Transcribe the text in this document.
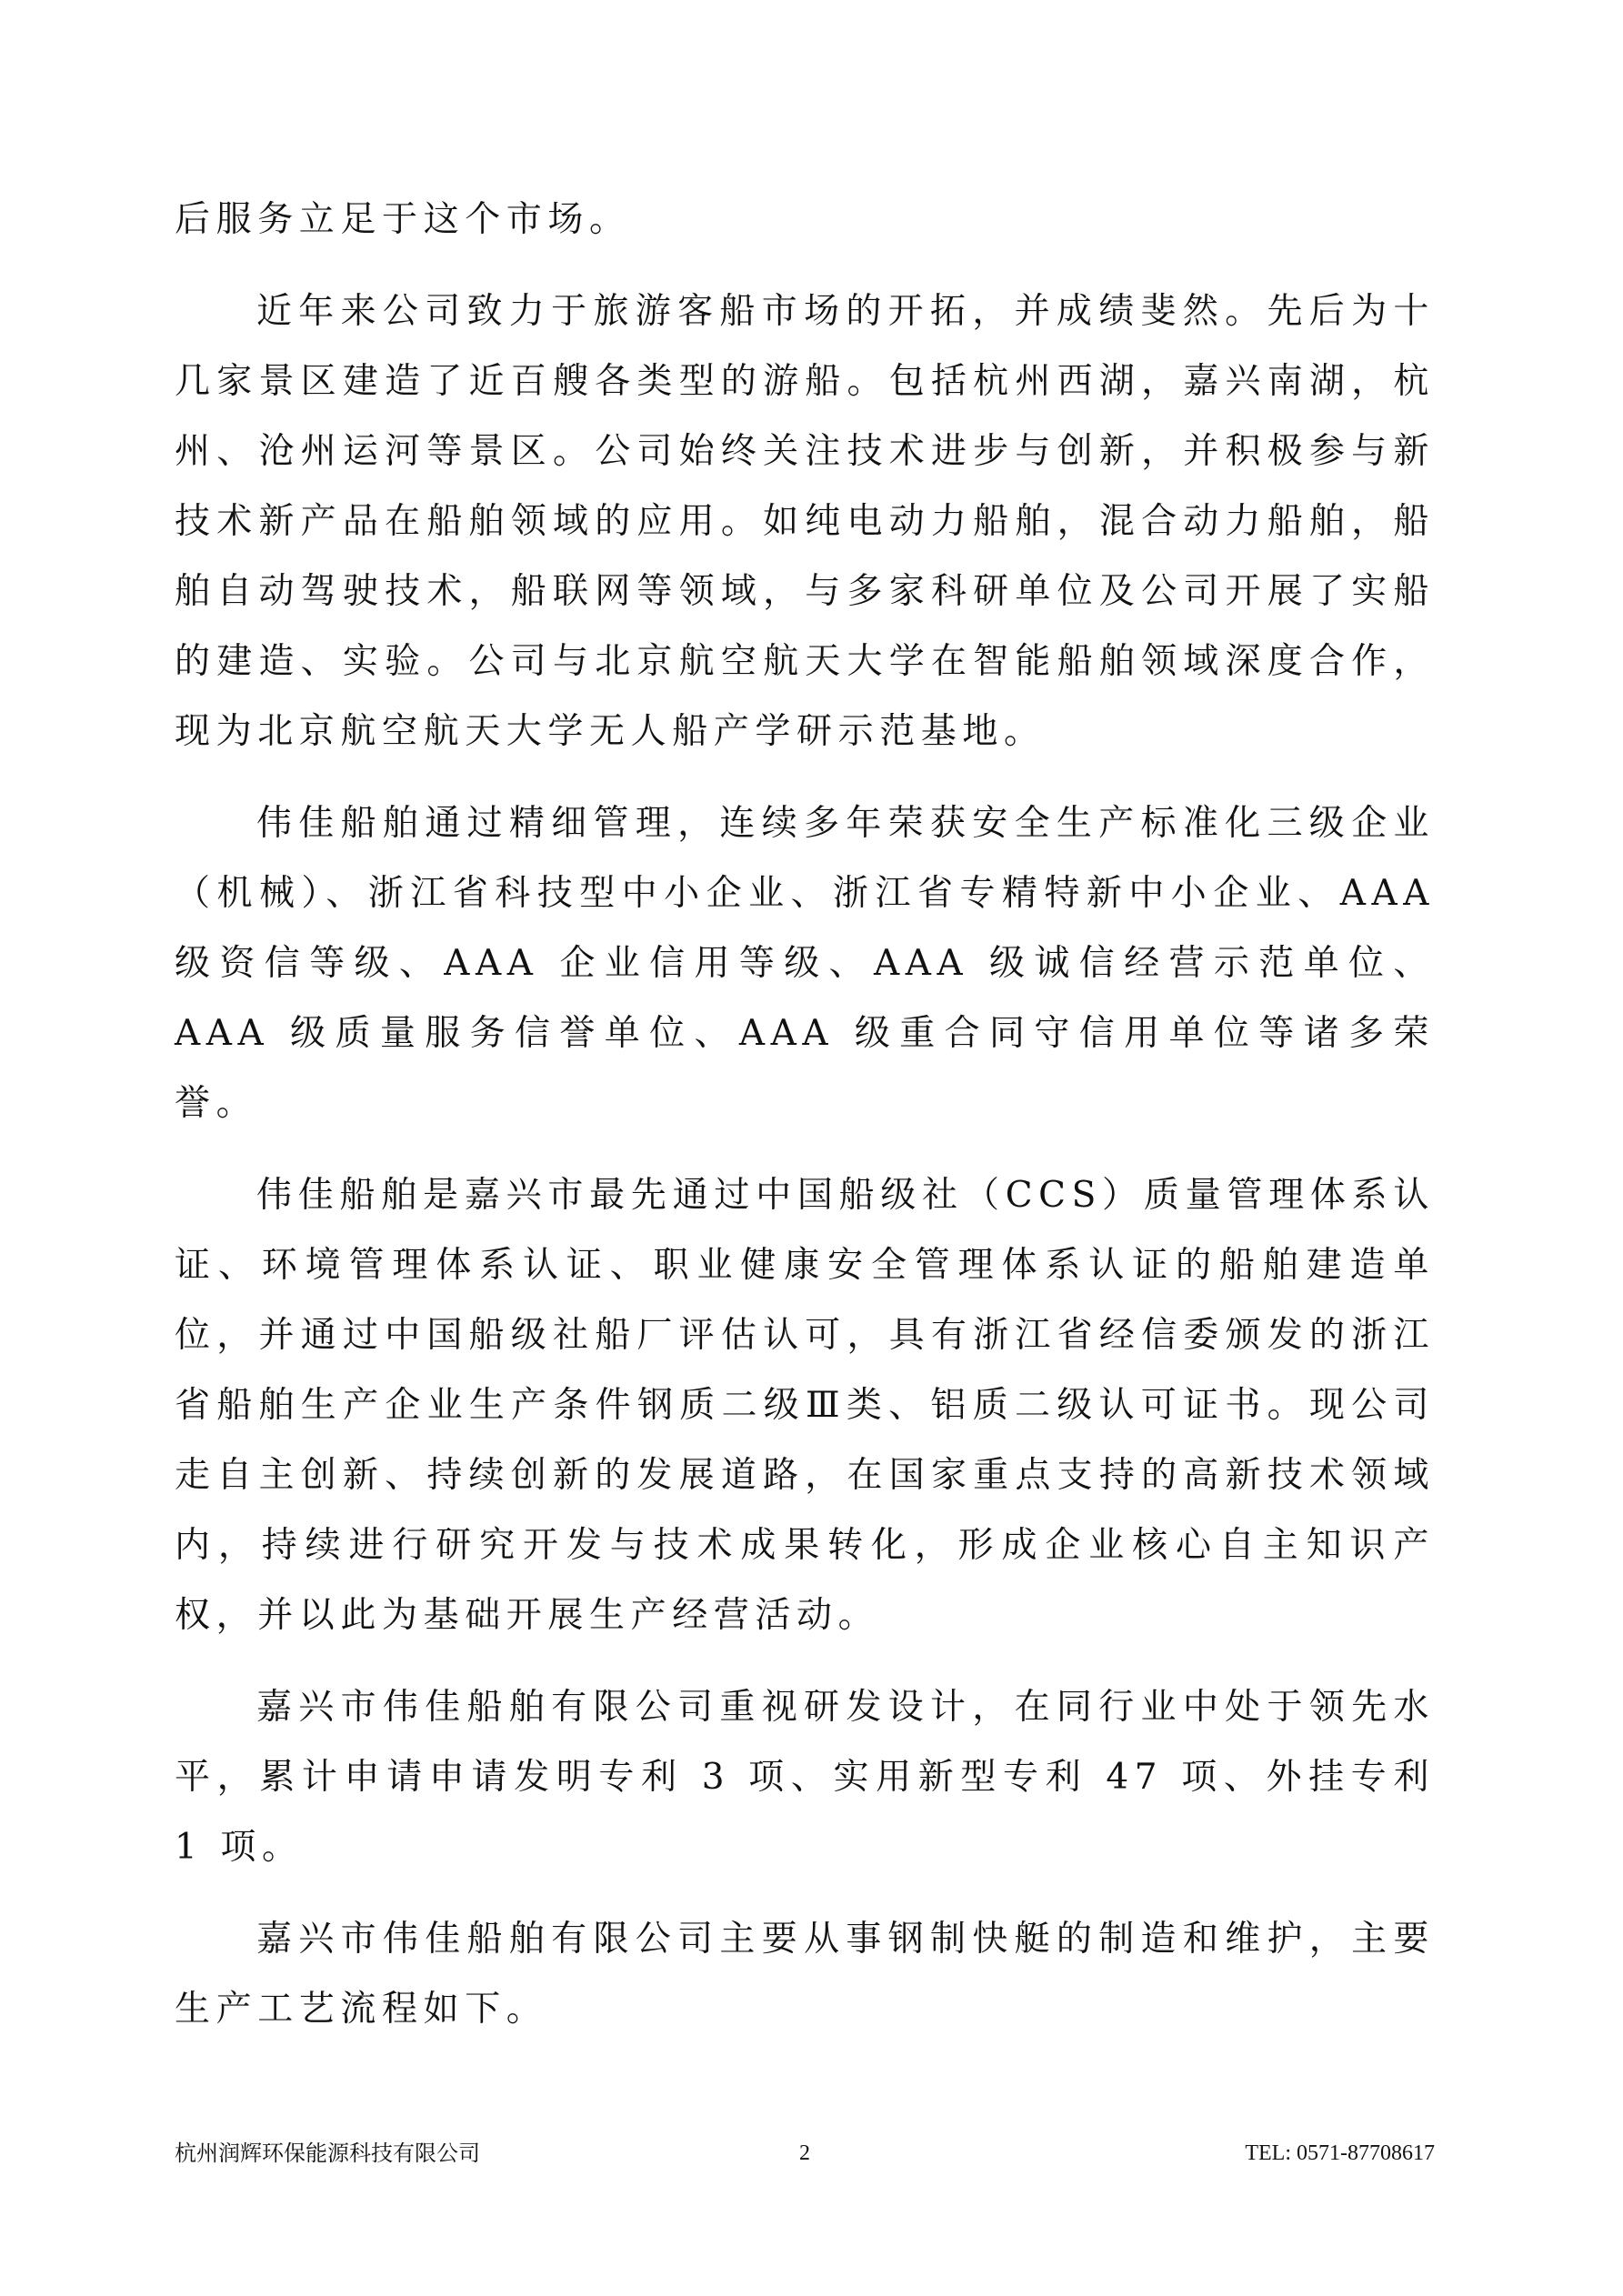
后服务立足于这个市场。

近年来公司致力于旅游客船市场的开拓，并成绩斐然。先后为十几家景区建造了近百艘各类型的游船。包括杭州西湖，嘉兴南湖，杭州、沧州运河等景区。公司始终关注技术进步与创新，并积极参与新技术新产品在船舶领域的应用。如纯电动力船舶，混合动力船舶，船舶自动驾驶技术，船联网等领域，与多家科研单位及公司开展了实船的建造、实验。公司与北京航空航天大学在智能船舶领域深度合作，现为北京航空航天大学无人船产学研示范基地。

伟佳船舶通过精细管理，连续多年荣获安全生产标准化三级企业（机械）、浙江省科技型中小企业、浙江省专精特新中小企业、AAA 级资信等级、AAA 企业信用等级、AAA 级诚信经营示范单位、AAA 级质量服务信誉单位、AAA 级重合同守信用单位等诸多荣誉。

伟佳船舶是嘉兴市最先通过中国船级社（CCS）质量管理体系认证、环境管理体系认证、职业健康安全管理体系认证的船舶建造单位，并通过中国船级社船厂评估认可，具有浙江省经信委颁发的浙江省船舶生产企业生产条件钢质二级Ⅲ类、铝质二级认可证书。现公司走自主创新、持续创新的发展道路，在国家重点支持的高新技术领域内，持续进行研究开发与技术成果转化，形成企业核心自主知识产权，并以此为基础开展生产经营活动。

嘉兴市伟佳船舶有限公司重视研发设计，在同行业中处于领先水平，累计申请申请发明专利 3 项、实用新型专利 47 项、外挂专利 1 项。

嘉兴市伟佳船舶有限公司主要从事钢制快艇的制造和维护，主要生产工艺流程如下。

杭州润辉环保能源科技有限公司	2	TEL: 0571-87708617
